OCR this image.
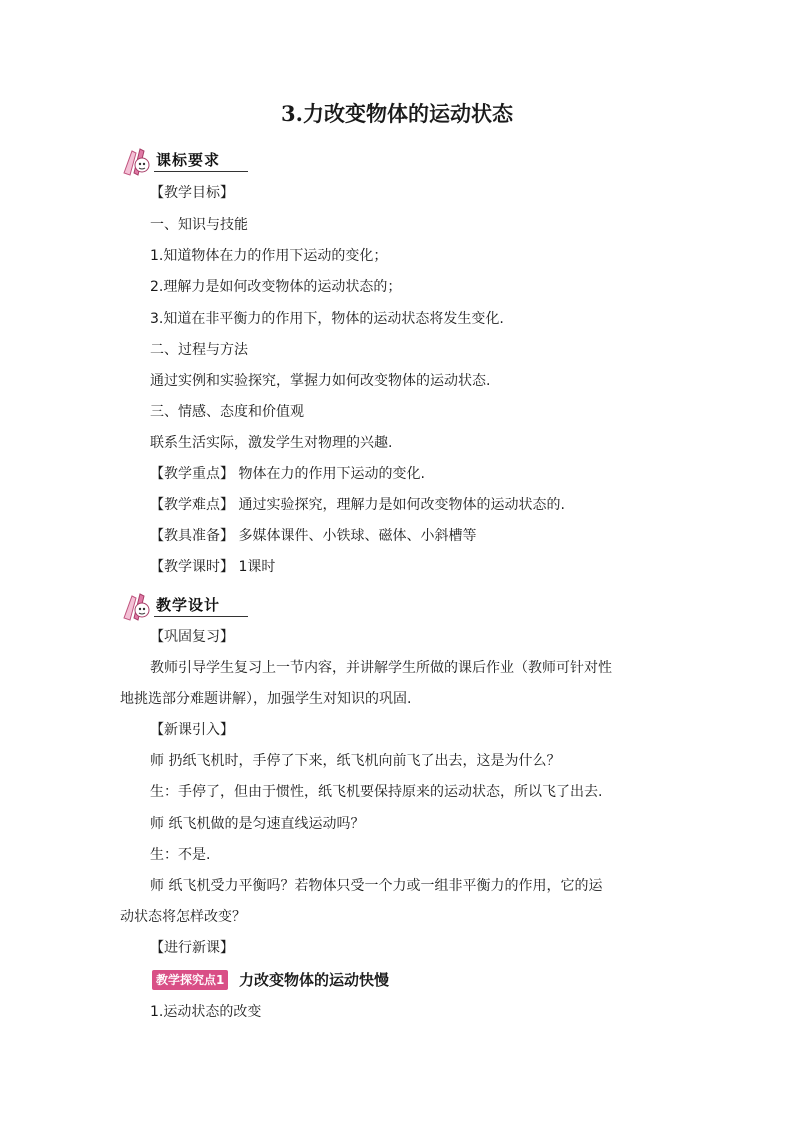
3.力改变物体的运动状态
课标要求
【教学目标】
一、知识与技能
1.知道物体在力的作用下运动的变化；
2.理解力是如何改变物体的运动状态的；
3.知道在非平衡力的作用下，物体的运动状态将发生变化.
二、过程与方法
通过实例和实验探究，掌握力如何改变物体的运动状态.
三、情感、态度和价值观
联系生活实际，激发学生对物理的兴趣.
【教学重点】 物体在力的作用下运动的变化.
【教学难点】 通过实验探究，理解力是如何改变物体的运动状态的.
【教具准备】 多媒体课件、小铁球、磁体、小斜槽等
【教学课时】 1课时
教学设计
【巩固复习】
教师引导学生复习上一节内容，并讲解学生所做的课后作业（教师可针对性
地挑选部分难题讲解），加强学生对知识的巩固.
【新课引入】
师 扔纸飞机时，手停了下来，纸飞机向前飞了出去，这是为什么？
生：手停了，但由于惯性，纸飞机要保持原来的运动状态，所以飞了出去.
师 纸飞机做的是匀速直线运动吗？
生：不是.
师 纸飞机受力平衡吗？若物体只受一个力或一组非平衡力的作用，它的运
动状态将怎样改变？
【进行新课】
教学探究点1 力改变物体的运动快慢
1.运动状态的改变
